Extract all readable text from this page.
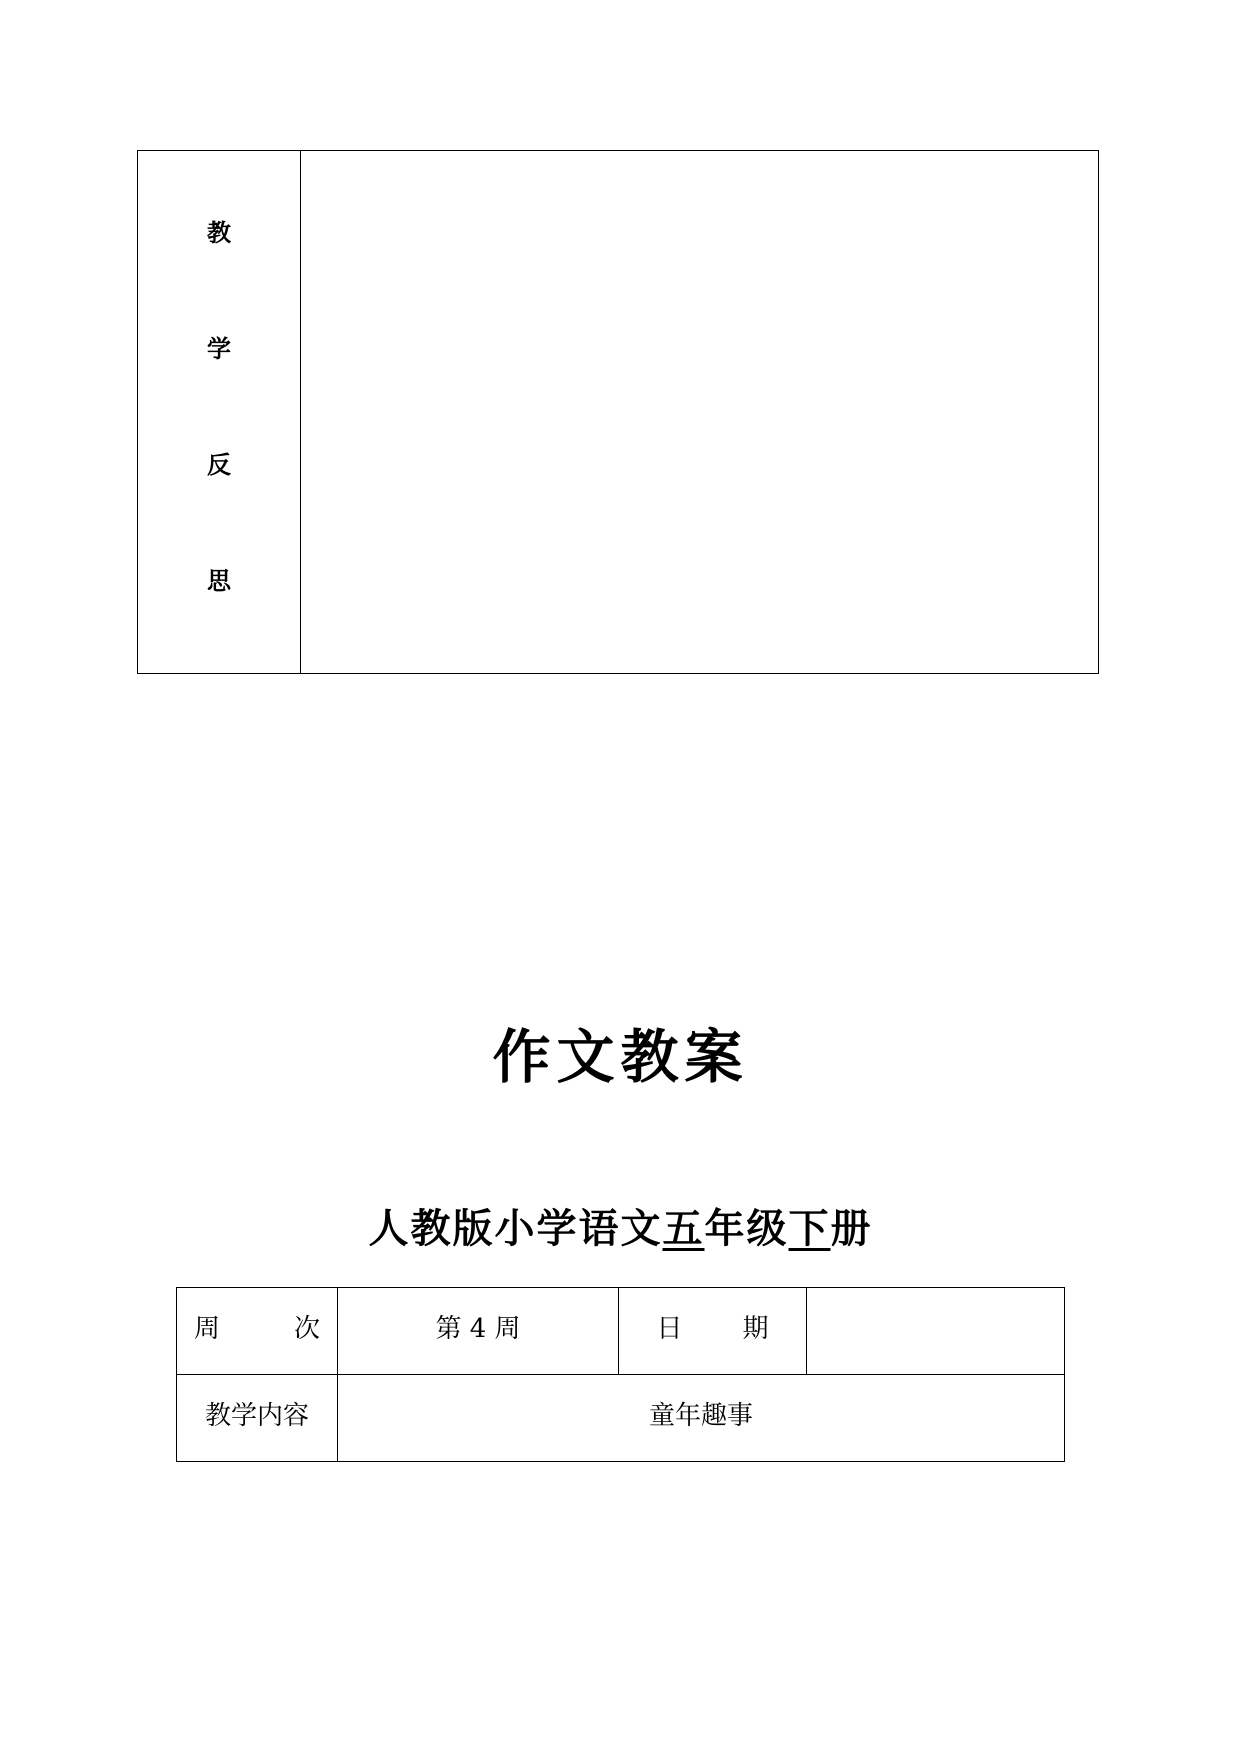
教
学
反
思
作文教案
人教版小学语文五年级下册
周 次	第 4 周	日 期	

教学内容	童年趣事		
